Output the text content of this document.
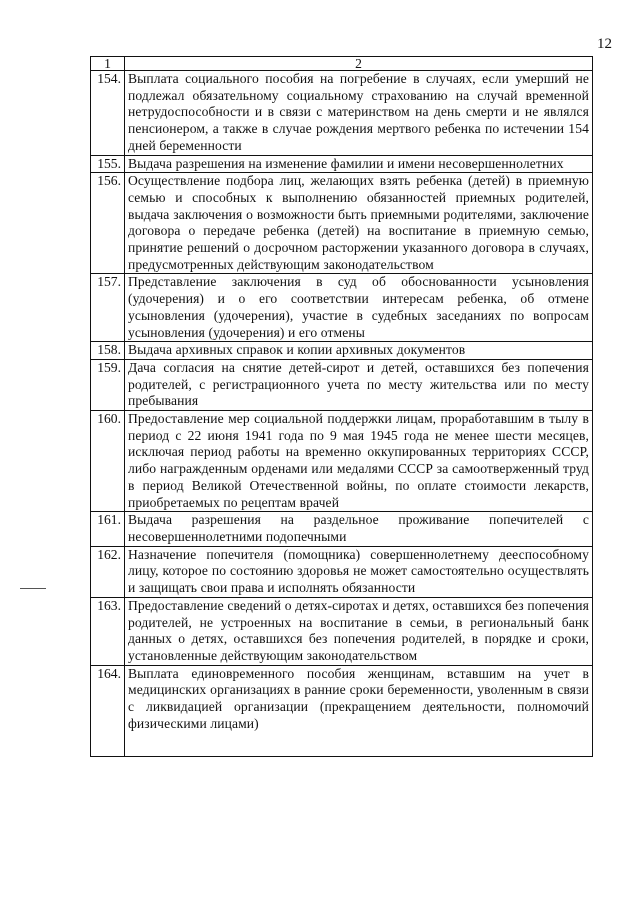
12
1	2
154.	Выплата социального пособия на погребение в случаях, если умерший не подлежал обязательному социальному страхованию на случай временной нетрудоспособности и в связи с материнством на день смерти и не являлся пенсионером, а также в случае рождения мертвого ребенка по истечении 154 дней беременности
155.	Выдача разрешения на изменение фамилии и имени несовершеннолетних
156.	Осуществление подбора лиц, желающих взять ребенка (детей) в приемную семью и способных к выполнению обязанностей приемных родителей, выдача заключения о возможности быть приемными родителями, заключение договора о передаче ребенка (детей) на воспитание в приемную семью, принятие решений о досрочном расторжении указанного договора в случаях, предусмотренных действующим законодательством
157.	Представление заключения в суд об обоснованности усыновления (удочерения) и о его соответствии интересам ребенка, об отмене усыновления (удочерения), участие в судебных заседаниях по вопросам усыновления (удочерения) и его отмены
158.	Выдача архивных справок и копии архивных документов
159.	Дача согласия на снятие детей-сирот и детей, оставшихся без попечения родителей, с регистрационного учета по месту жительства или по месту пребывания
160.	Предоставление мер социальной поддержки лицам, проработавшим в тылу в период с 22 июня 1941 года по 9 мая 1945 года не менее шести месяцев, исключая период работы на временно оккупированных территориях СССР, либо награжденным орденами или медалями СССР за самоотверженный труд в период Великой Отечественной войны, по оплате стоимости лекарств, приобретаемых по рецептам врачей
161.	Выдача разрешения на раздельное проживание попечителей с несовершеннолетними подопечными
162.	Назначение попечителя (помощника) совершеннолетнему дееспособному лицу, которое по состоянию здоровья не может самостоятельно осуществлять и защищать свои права и исполнять обязанности
163.	Предоставление сведений о детях-сиротах и детях, оставшихся без попечения родителей, не устроенных на воспитание в семьи, в региональный банк данных о детях, оставшихся без попечения родителей, в порядке и сроки, установленные действующим законодательством
164.	Выплата единовременного пособия женщинам, вставшим на учет в медицинских организациях в ранние сроки беременности, уволенным в связи с ликвидацией организации (прекращением деятельности, полномочий физическими лицами)
